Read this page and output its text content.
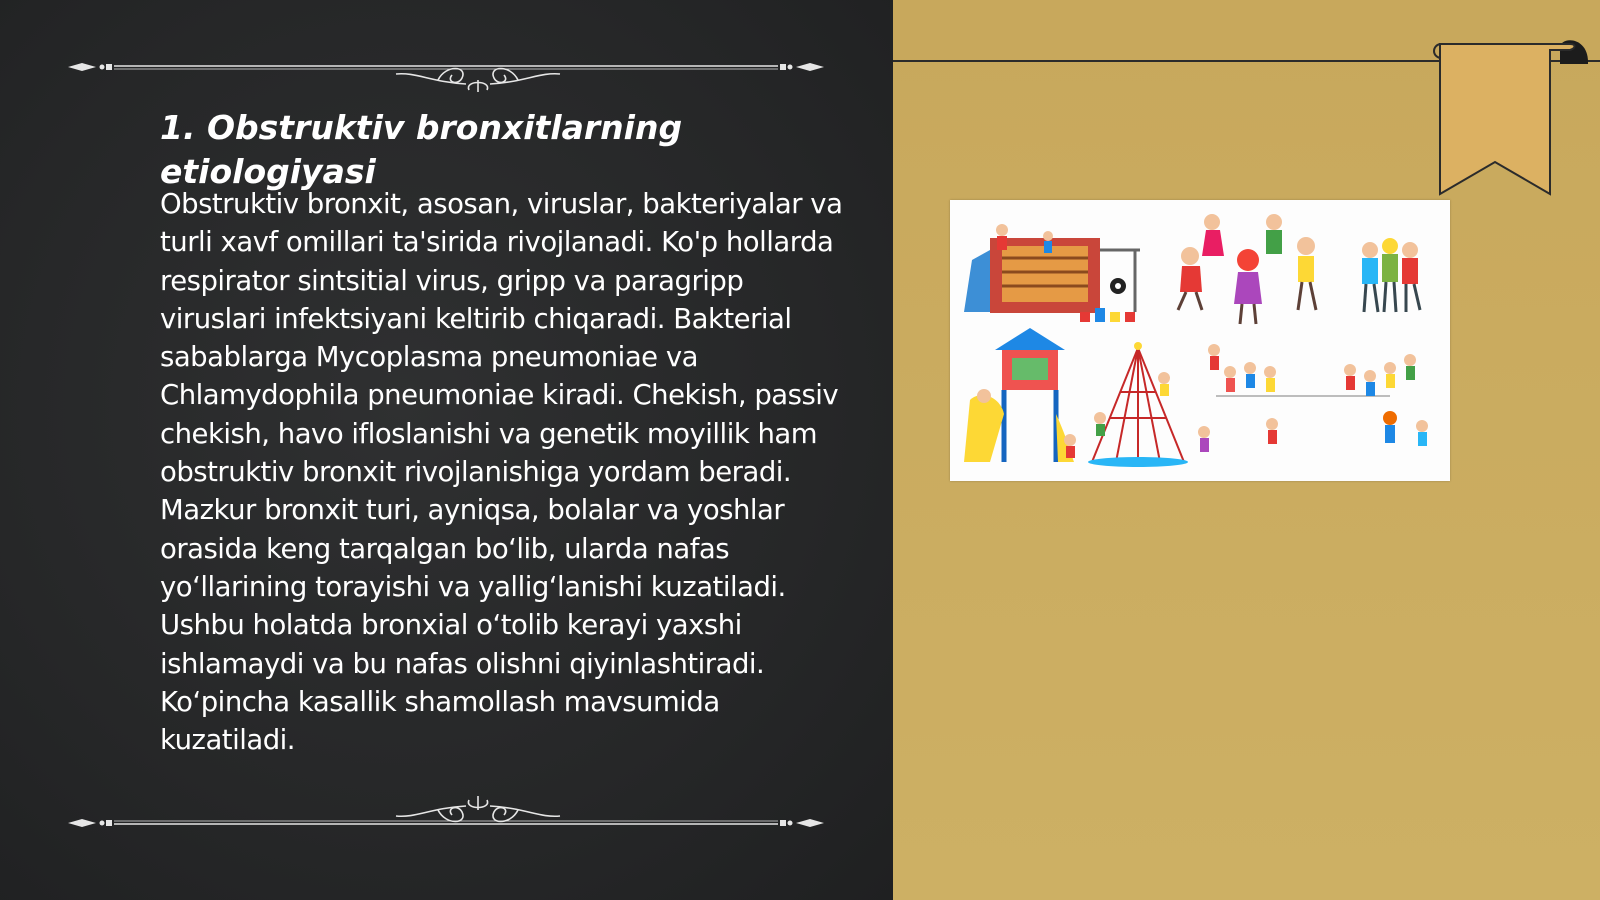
1. Obstruktiv bronxitlarning etiologiyasi

Obstruktiv bronxit, asosan, viruslar, bakteriyalar va turli xavf omillari ta'sirida rivojlanadi. Ko'p hollarda respirator sintsitial virus, gripp va paragripp viruslari infektsiyani keltirib chiqaradi. Bakterial sabablarga Mycoplasma pneumoniae va Chlamydophila pneumoniae kiradi. Chekish, passiv chekish, havo ifloslanishi va genetik moyillik ham obstruktiv bronxit rivojlanishiga yordam beradi. Mazkur bronxit turi, ayniqsa, bolalar va yoshlar orasida keng tarqalgan bo‘lib, ularda nafas yo‘llarining torayishi va yallig‘lanishi kuzatiladi. Ushbu holatda bronxial o‘tolib kerayi yaxshi ishlamaydi va bu nafas olishni qiyinlashtiradi. Ko‘pincha kasallik shamollash mavsumida kuzatiladi.
